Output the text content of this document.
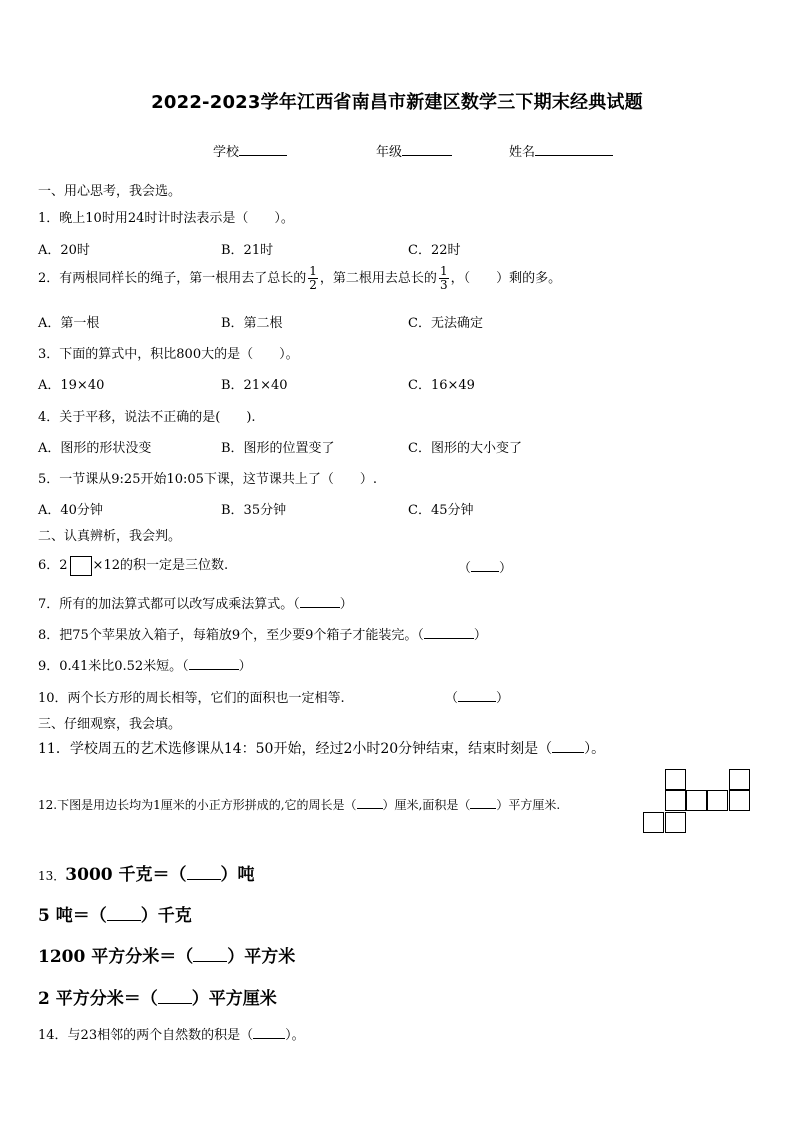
2022-2023学年江西省南昌市新建区数学三下期末经典试题
学校	年级	姓名
一、用心思考，我会选。
1．晚上10时用24时计时法表示是（　　）。
A．20时	B．21时	C．22时
2．有两根同样长的绳子，第一根用去了总长的 $\frac{1}{2}$ ，第二根用去总长的 $\frac{1}{3}$ ，（　　）剩的多。
A．第一根	B．第二根	C．无法确定
3．下面的算式中，积比800大的是（　　）。
A．19×40	B．21×40	C．16×49
4．关于平移，说法不正确的是(　　).
A．图形的形状没变	B．图形的位置变了	C．图形的大小变了
5．一节课从9:25开始10:05下课，这节课共上了（　　）.
A．40分钟	B．35分钟	C．45分钟
二、认真辨析，我会判。
6．2 ×12的积一定是三位数.	（ ）
7．所有的加法算式都可以改写成乘法算式。（	）
8．把75个苹果放入箱子，每箱放9个，至少要9个箱子才能装完。（	）
9．0.41米比0.52米短。（	）
10．两个长方形的周长相等，它们的面积也一定相等.	（	）
三、仔细观察，我会填。
11．学校周五的艺术选修课从14：50开始，经过2小时20分钟结束，结束时刻是（ ）。
12.下图是用边长均为1厘米的小正方形拼成的,它的周长是（ ）厘米,面积是（ ）平方厘米.
13．3000 千克＝（ ）吨
5 吨＝（ ）千克
1200 平方分米＝（ ）平方米
2 平方分米＝（ ）平方厘米
14．与23相邻的两个自然数的积是（ ）。
